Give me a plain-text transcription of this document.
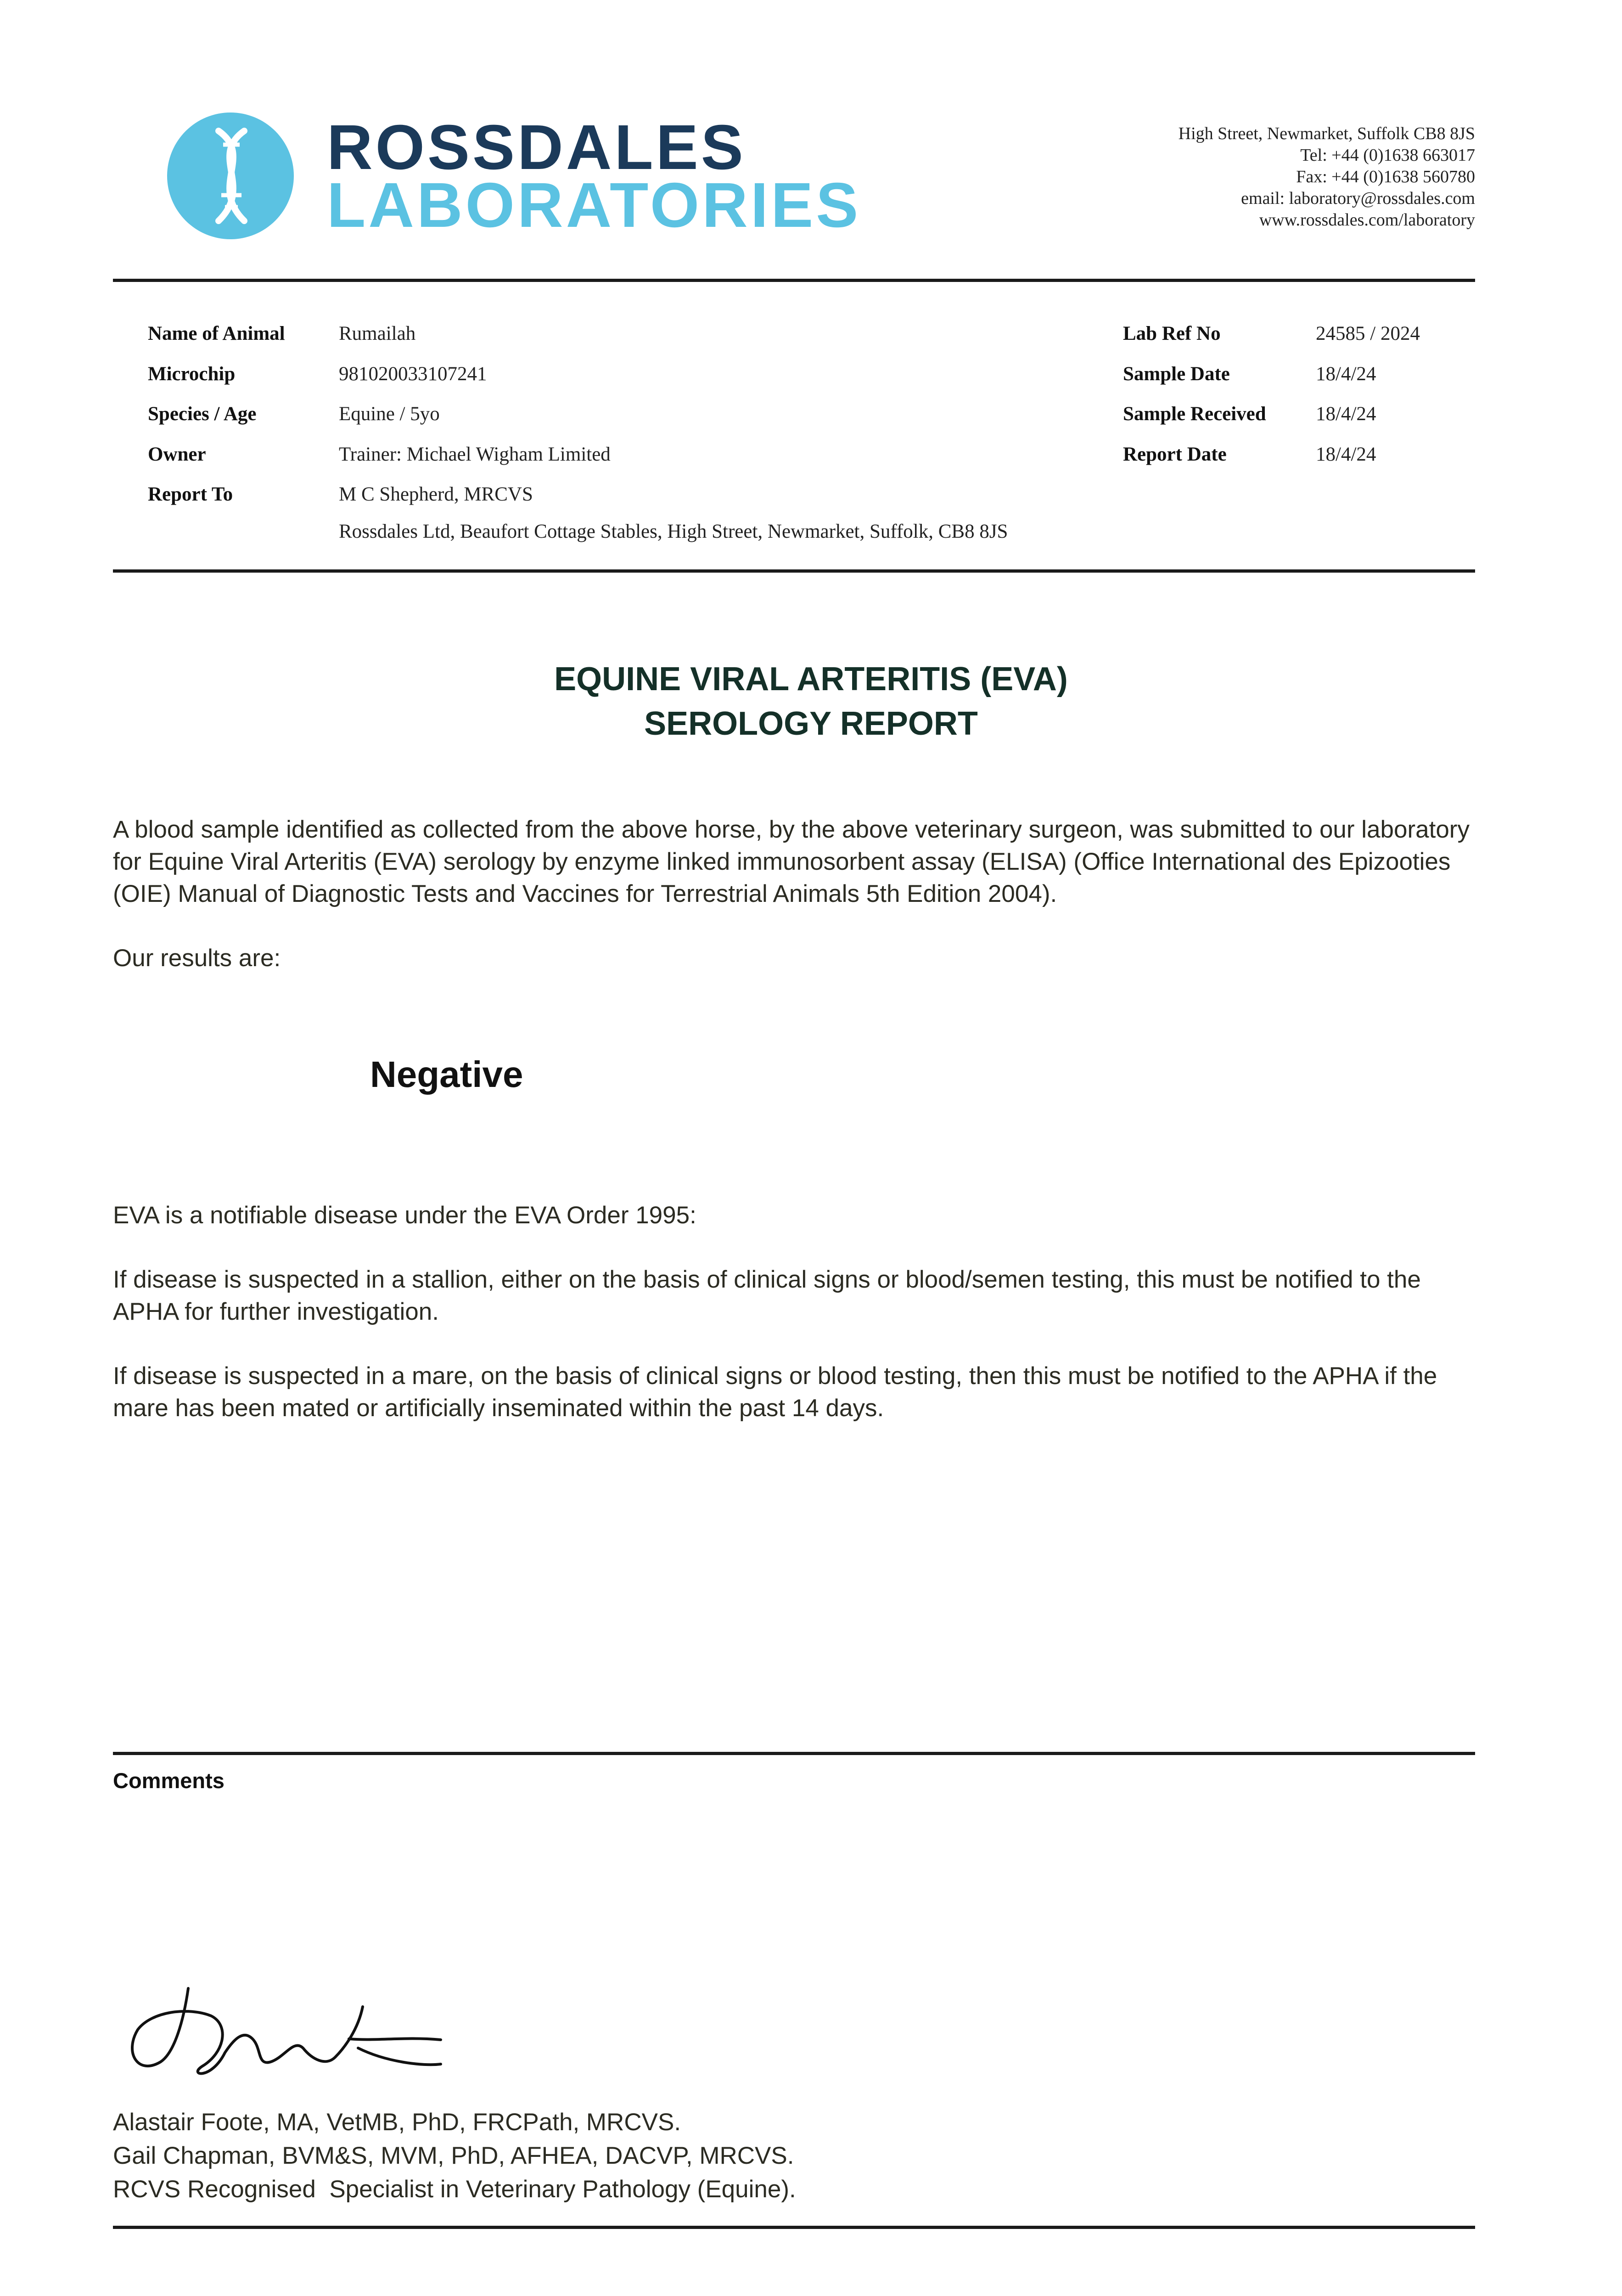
ROSSDALES
LABORATORIES
High Street, Newmarket, Suffolk CB8 8JS
Tel: +44 (0)1638 663017
Fax: +44 (0)1638 560780
email: laboratory@rossdales.com
www.rossdales.com/laboratory
Name of Animal	Rumailah
Microchip	981020033107241
Species / Age	Equine / 5yo
Owner	Trainer: Michael Wigham Limited
Report To	M C Shepherd, MRCVS
Rossdales Ltd, Beaufort Cottage Stables, High Street, Newmarket, Suffolk, CB8 8JS
Lab Ref No	24585 / 2024
Sample Date	18/4/24
Sample Received	18/4/24
Report Date	18/4/24
EQUINE VIRAL ARTERITIS (EVA)
SEROLOGY REPORT
A blood sample identified as collected from the above horse, by the above veterinary surgeon, was submitted to our laboratory for Equine Viral Arteritis (EVA) serology by enzyme linked immunosorbent assay (ELISA) (Office International des Epizooties (OIE) Manual of Diagnostic Tests and Vaccines for Terrestrial Animals 5th Edition 2004).
Our results are:
Negative
EVA is a notifiable disease under the EVA Order 1995:
If disease is suspected in a stallion, either on the basis of clinical signs or blood/semen testing, this must be notified to the APHA for further investigation.
If disease is suspected in a mare, on the basis of clinical signs or blood testing, then this must be notified to the APHA if the mare has been mated or artificially inseminated within the past 14 days.
Comments
Alastair Foote, MA, VetMB, PhD, FRCPath, MRCVS.
Gail Chapman, BVM&S, MVM, PhD, AFHEA, DACVP, MRCVS.
RCVS Recognised  Specialist in Veterinary Pathology (Equine).
